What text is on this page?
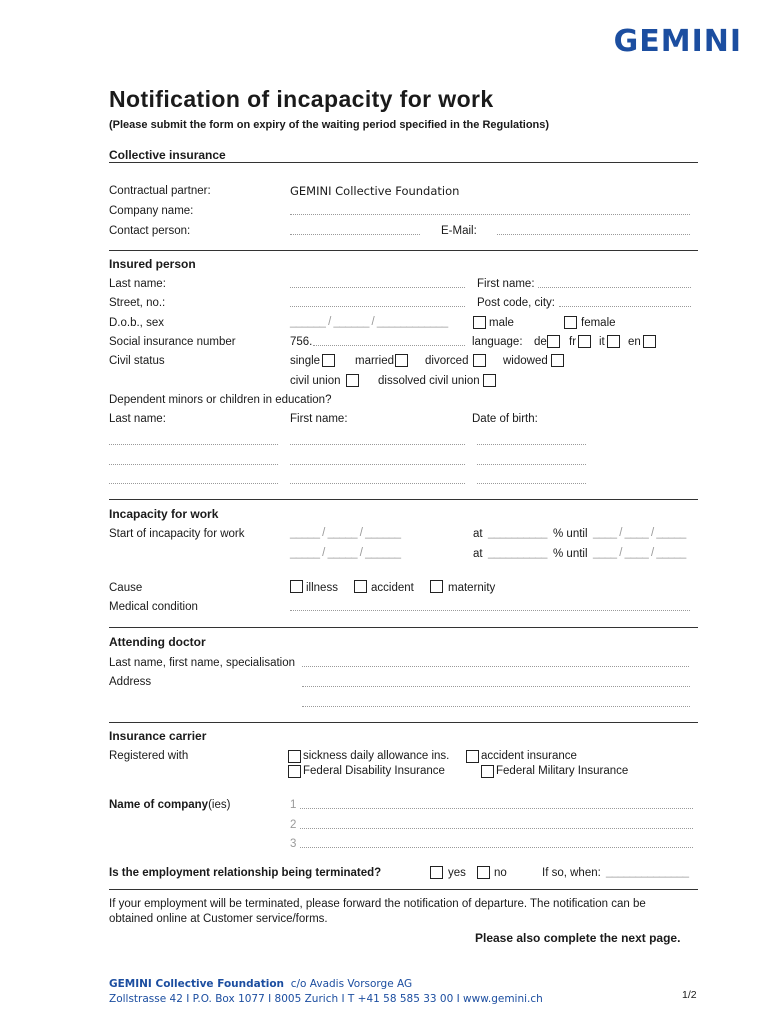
GEMINI
Notification of incapacity for work
(Please submit the form on expiry of the waiting period specified in the Regulations)
Collective insurance
Contractual partner:	GEMINI Collective Foundation
Company name:
Contact person:	E-Mail:
Insured person
Last name:	First name:
Street, no.:	Post code, city:
D.o.b., sex	______ / ______ / ____________	male	female
Social insurance number	756.	language: de fr it en
Civil status	single	married	divorced	widowed
civil union	dissolved civil union
Dependent minors or children in education?
Last name:	First name:	Date of birth:
Incapacity for work
Start of incapacity for work	_____ / _____ / ______	at __________ % until ____ / ____ / _____
_____ / _____ / ______	at __________ % until ____ / ____ / _____
Cause	illness	accident	maternity
Medical condition
Attending doctor
Last name, first name, specialisation
Address
Insurance carrier
Registered with	sickness daily allowance ins.	accident insurance
Federal Disability Insurance	Federal Military Insurance
Name of company(ies)	1
2
3
Is the employment relationship being terminated?	yes no	If so, when: ______________
If your employment will be terminated, please forward the notification of departure. The notification can be obtained online at Customer service/forms.
Please also complete the next page.
GEMINI Collective Foundation c/o Avadis Vorsorge AG
Zollstrasse 42 I P.O. Box 1077 I 8005 Zurich I T +41 58 585 33 00 I www.gemini.ch	1/2
